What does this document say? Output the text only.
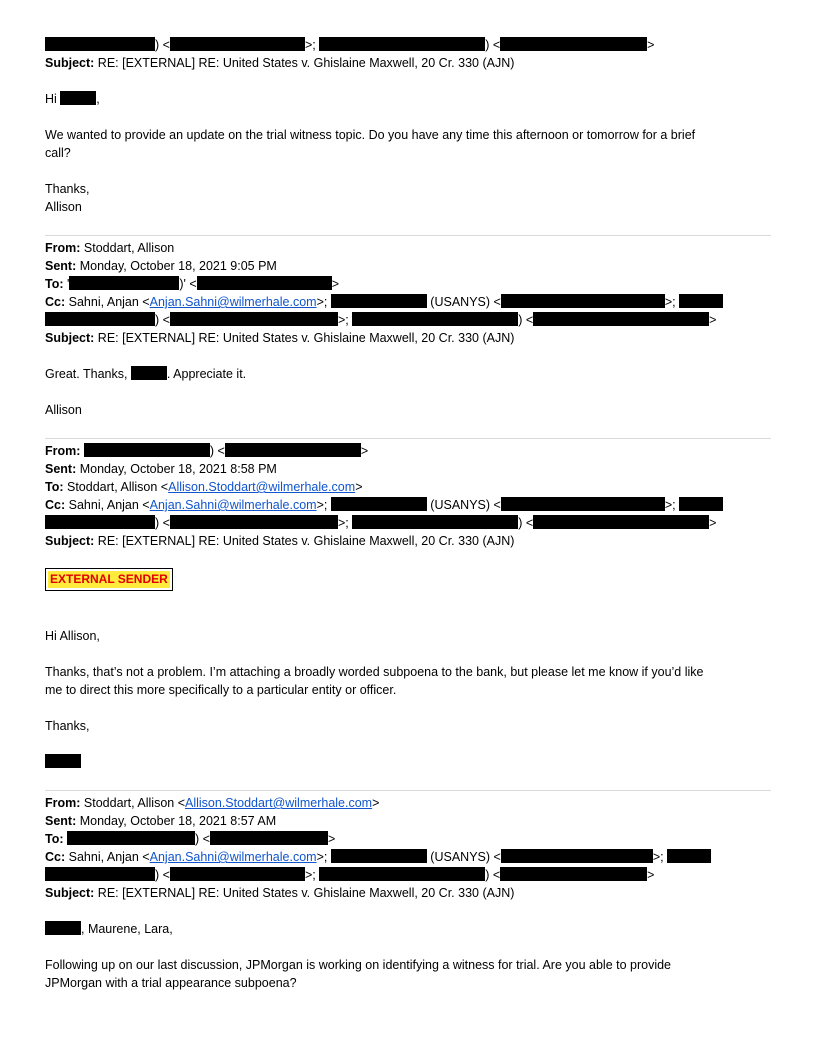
) <	>;	) <	>
Subject: RE: [EXTERNAL] RE: United States v. Ghislaine Maxwell, 20 Cr. 330 (AJN)
Hi	,
We wanted to provide an update on the trial witness topic. Do you have any time this afternoon or tomorrow for a brief
call?
Thanks,
Allison
From: Stoddart, Allison
Sent: Monday, October 18, 2021 9:05 PM
To: '	)' <	>
Cc: Sahni, Anjan <Anjan.Sahni@wilmerhale.com>;	(USANYS) <	>;
) <	>;	) <	>
Subject: RE: [EXTERNAL] RE: United States v. Ghislaine Maxwell, 20 Cr. 330 (AJN)
Great. Thanks,	. Appreciate it.
Allison
From:	) <	>
Sent: Monday, October 18, 2021 8:58 PM
To: Stoddart, Allison <Allison.Stoddart@wilmerhale.com>
Cc: Sahni, Anjan <Anjan.Sahni@wilmerhale.com>;	(USANYS) <	>;
) <	>;	) <	>
Subject: RE: [EXTERNAL] RE: United States v. Ghislaine Maxwell, 20 Cr. 330 (AJN)
EXTERNAL SENDER
Hi Allison,
Thanks, that’s not a problem. I’m attaching a broadly worded subpoena to the bank, but please let me know if you’d like
me to direct this more specifically to a particular entity or officer.
Thanks,
From: Stoddart, Allison <Allison.Stoddart@wilmerhale.com>
Sent: Monday, October 18, 2021 8:57 AM
To:	) <	>
Cc: Sahni, Anjan <Anjan.Sahni@wilmerhale.com>;	(USANYS) <	>;
) <	>;	) <	>
Subject: RE: [EXTERNAL] RE: United States v. Ghislaine Maxwell, 20 Cr. 330 (AJN)
, Maurene, Lara,
Following up on our last discussion, JPMorgan is working on identifying a witness for trial. Are you able to provide
JPMorgan with a trial appearance subpoena?
